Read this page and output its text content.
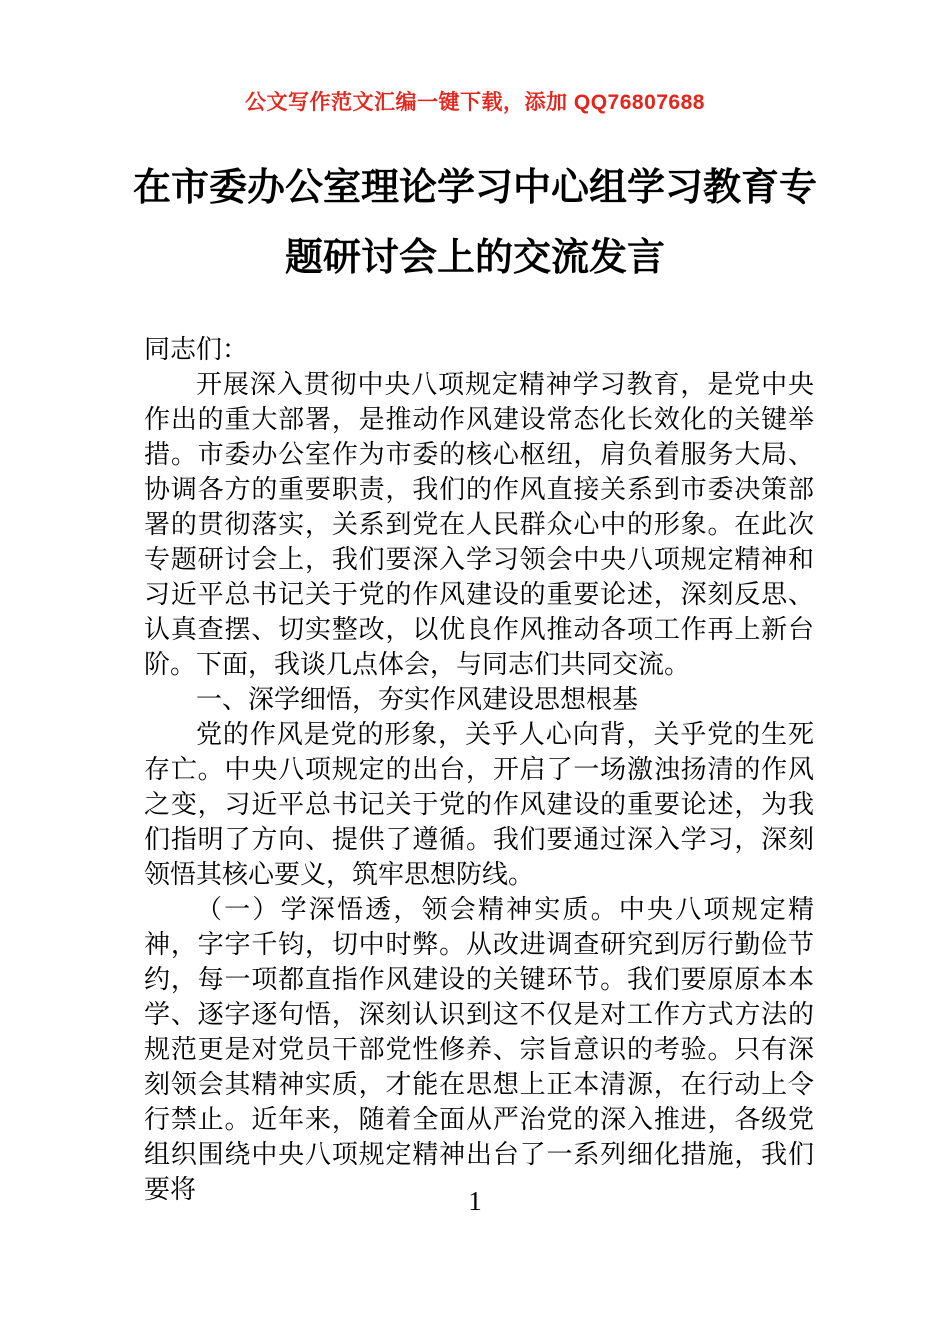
公文写作范文汇编一键下载，添加 QQ76807688
在市委办公室理论学习中心组学习教育专题研讨会上的交流发言

同志们：

开展深入贯彻中央八项规定精神学习教育，是党中央作出的重大部署，是推动作风建设常态化长效化的关键举措。市委办公室作为市委的核心枢纽，肩负着服务大局、协调各方的重要职责，我们的作风直接关系到市委决策部署的贯彻落实，关系到党在人民群众心中的形象。在此次专题研讨会上，我们要深入学习领会中央八项规定精神和习近平总书记关于党的作风建设的重要论述，深刻反思、认真查摆、切实整改，以优良作风推动各项工作再上新台阶。下面，我谈几点体会，与同志们共同交流。

一、深学细悟，夯实作风建设思想根基

党的作风是党的形象，关乎人心向背，关乎党的生死存亡。中央八项规定的出台，开启了一场激浊扬清的作风之变，习近平总书记关于党的作风建设的重要论述，为我们指明了方向、提供了遵循。我们要通过深入学习，深刻领悟其核心要义，筑牢思想防线。

（一）学深悟透，领会精神实质。中央八项规定精神，字字千钧，切中时弊。从改进调查研究到厉行勤俭节约，每一项都直指作风建设的关键环节。我们要原原本本学、逐字逐句悟，深刻认识到这不仅是对工作方式方法的规范更是对党员干部党性修养、宗旨意识的考验。只有深刻领会其精神实质，才能在思想上正本清源，在行动上令行禁止。近年来，随着全面从严治党的深入推进，各级党组织围绕中央八项规定精神出台了一系列细化措施，我们要将	1
